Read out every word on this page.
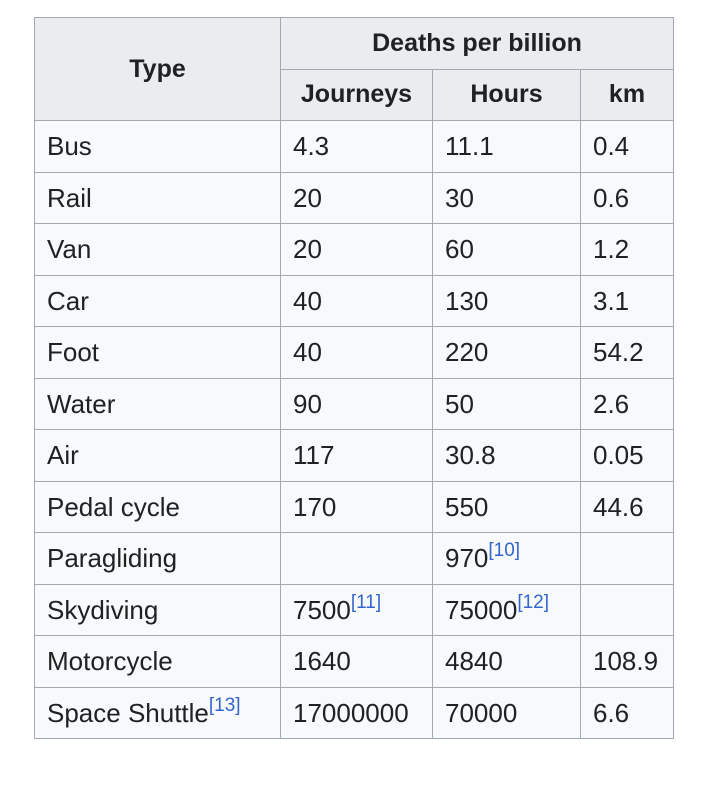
Type	Deaths per billion		
	Journeys	Hours	km
Bus	4.3	11.1	0.4
Rail	20	30	0.6
Van	20	60	1.2
Car	40	130	3.1
Foot	40	220	54.2
Water	90	50	2.6
Air	117	30.8	0.05
Pedal cycle	170	550	44.6
Paragliding		970[10]	
Skydiving	7500[11]	75000[12]	
Motorcycle	1640	4840	108.9
Space Shuttle[13]	17000000	70000	6.6
